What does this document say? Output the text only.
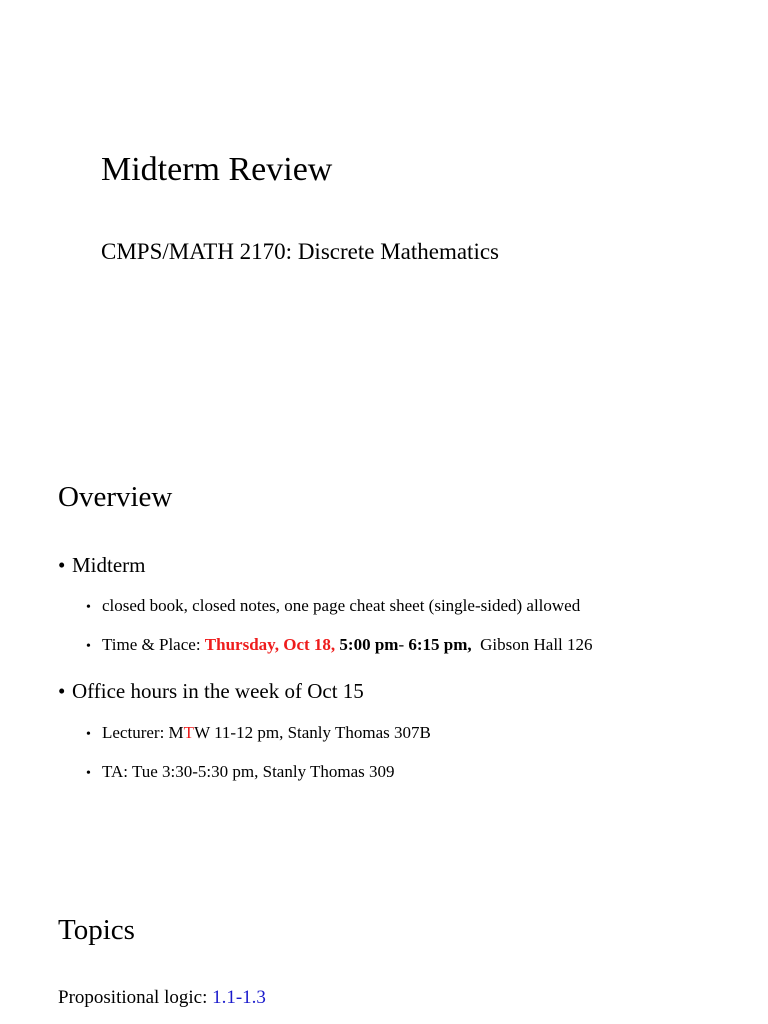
Midterm Review
CMPS/MATH 2170: Discrete Mathematics
Overview
• Midterm
• closed book, closed notes, one page cheat sheet (single-sided) allowed
• Time & Place: Thursday, Oct 18, 5:00 pm- 6:15 pm, Gibson Hall 126
• Office hours in the week of Oct 15
• Lecturer: MTW 11-12 pm, Stanly Thomas 307B
• TA: Tue 3:30-5:30 pm, Stanly Thomas 309
Topics
Propositional logic: 1.1-1.3
